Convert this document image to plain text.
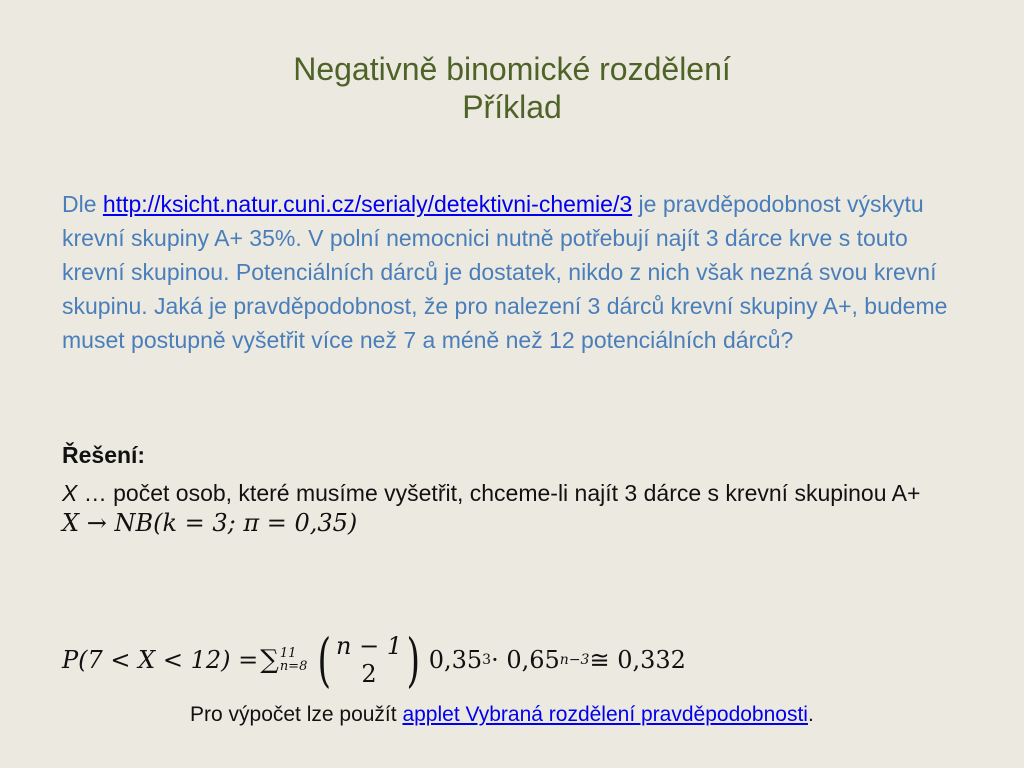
Negativně binomické rozdělení
Příklad
Dle http://ksicht.natur.cuni.cz/serialy/detektivni-chemie/3 je pravděpodobnost výskytu krevní skupiny A+ 35%. V polní nemocnici nutně potřebují najít 3 dárce krve s touto krevní skupinou. Potenciálních dárců je dostatek, nikdo z nich však nezná svou krevní skupinu. Jaká je pravděpodobnost, že pro nalezení 3 dárců krevní skupiny A+, budeme muset postupně vyšetřit více než 7 a méně než 12 potenciálních dárců?
Řešení:
X … počet osob, které musíme vyšetřit, chceme-li najít 3 dárce s krevní skupinou A+
X → NB(k = 3; π = 0,35)
P(7 < X < 12) = ∑ 11
n=8 ( n − 1
2 ) 0,35 3 · 0,65 n−3 ≅ 0,332
Pro výpočet lze použít applet Vybraná rozdělení pravděpodobnosti.
